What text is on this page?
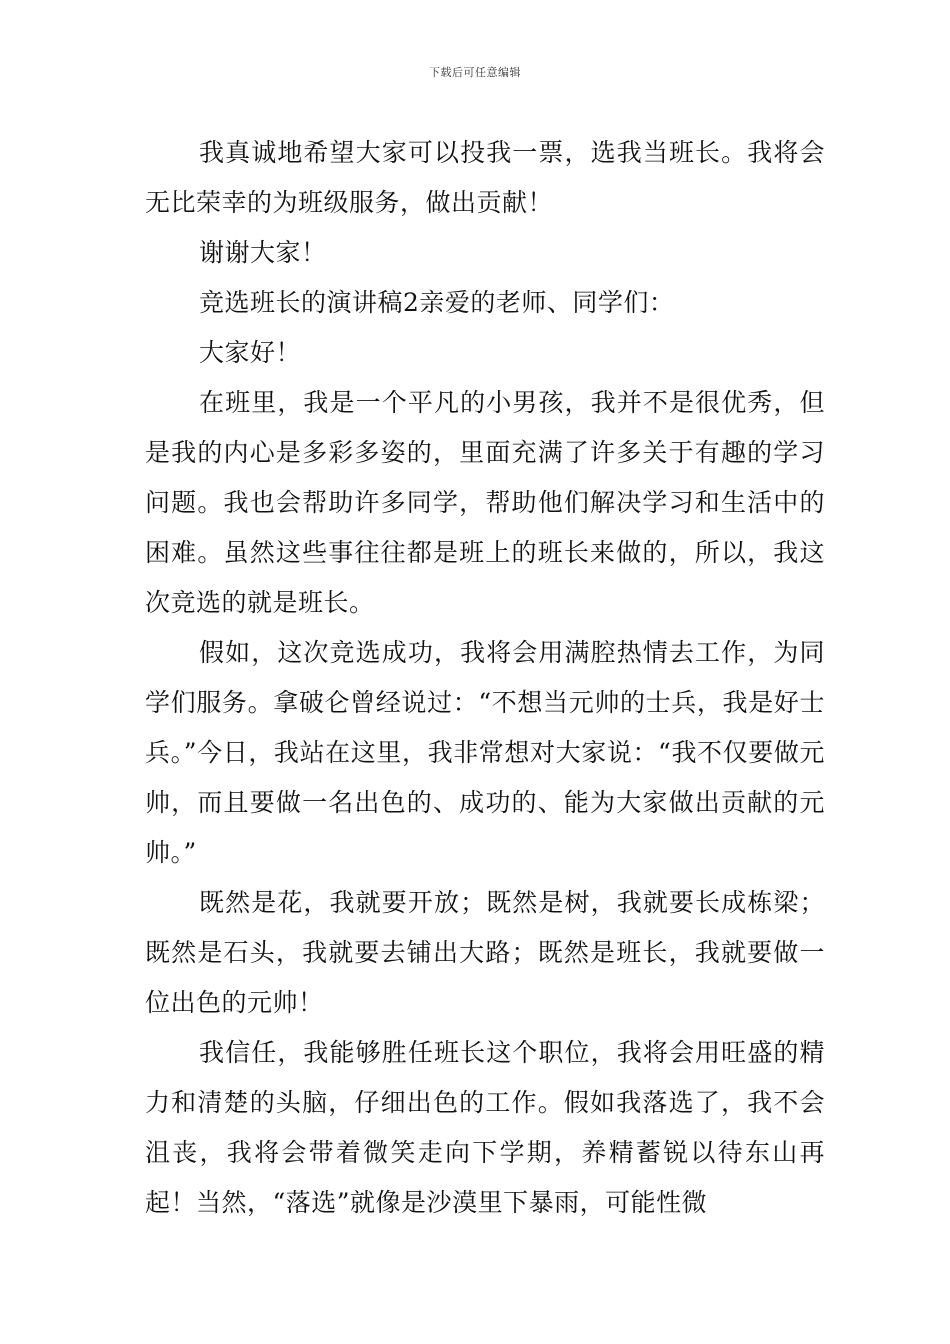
下载后可任意编辑

我真诚地希望大家可以投我一票，选我当班长。我将会无比荣幸的为班级服务，做出贡献！

谢谢大家！

竞选班长的演讲稿2亲爱的老师、同学们：

大家好！

在班里，我是一个平凡的小男孩，我并不是很优秀，但是我的内心是多彩多姿的，里面充满了许多关于有趣的学习问题。我也会帮助许多同学，帮助他们解决学习和生活中的困难。虽然这些事往往都是班上的班长来做的，所以，我这次竞选的就是班长。

假如，这次竞选成功，我将会用满腔热情去工作，为同学们服务。拿破仑曾经说过：“不想当元帅的士兵，我是好士兵。”今日，我站在这里，我非常想对大家说：“我不仅要做元帅，而且要做一名出色的、成功的、能为大家做出贡献的元帅。”

既然是花，我就要开放；既然是树，我就要长成栋梁；既然是石头，我就要去铺出大路；既然是班长，我就要做一位出色的元帅！

我信任，我能够胜任班长这个职位，我将会用旺盛的精力和清楚的头脑，仔细出色的工作。假如我落选了，我不会沮丧，我将会带着微笑走向下学期，养精蓄锐以待东山再起！当然，“落选”就像是沙漠里下暴雨，可能性微
